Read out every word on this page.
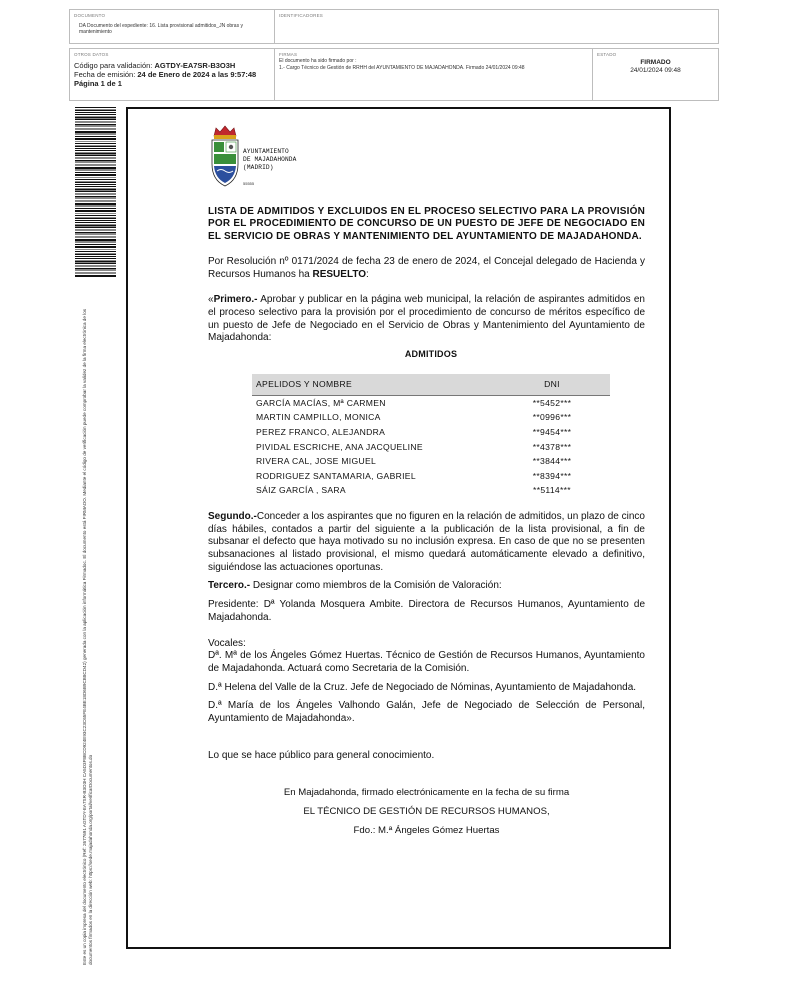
DOCUMENTO
DA Documento del expediente: 16. Lista provisional admitidos_JN obras y mantenimiento
IDENTIFICADORES
OTROS DATOS
Código para validación: AGTDY-EA7SR-B3O3H
Fecha de emisión: 24 de Enero de 2024 a las 9:57:48
Página 1 de 1
FIRMAS
El documento ha sido firmado por :
1.- Cargo Técnico de Gestión de RRHH del AYUNTAMIENTO DE MAJADAHONDA. Firmado 24/01/2024 09:48
ESTADO
FIRMADO
24/01/2024 09:48
Este es un copia impresa del documento electrónico (Ref: 2677691 AGTDY-EA7SR-B3O3H CA5D3F8BCD924E93C23C65FE4BE18D6B9CB8CD42) generada con la aplicación informática Firmadoc. El documento está FIRMADO. Mediante el código de verificación puede comprobar la validez de la firma electrónica de los documentos firmados en la dirección web: https://sede.majadahonda.org/portal/verificarDocumentos.do
AYUNTAMIENTO
DE MAJADAHONDA
(MADRID)
55555

LISTA DE ADMITIDOS Y EXCLUIDOS EN EL PROCESO SELECTIVO PARA LA PROVISIÓN POR EL PROCEDIMIENTO DE CONCURSO DE UN PUESTO DE JEFE DE NEGOCIADO EN EL SERVICIO DE OBRAS Y MANTENIMIENTO DEL AYUNTAMIENTO DE MAJADAHONDA.

Por Resolución nº 0171/2024 de fecha 23 de enero de 2024, el Concejal delegado de Hacienda y Recursos Humanos ha RESUELTO:

«Primero.- Aprobar y publicar en la página web municipal, la relación de aspirantes admitidos en el proceso selectivo para la provisión por el procedimiento de concurso de méritos específico de un puesto de Jefe de Negociado en el Servicio de Obras y Mantenimiento del Ayuntamiento de Majadahonda:

ADMITIDOS
APELIDOS Y NOMBRE	DNI
GARCÍA MACÍAS, Mª CARMEN	**5452***
MARTIN CAMPILLO, MONICA	**0996***
PEREZ FRANCO, ALEJANDRA	**9454***
PIVIDAL ESCRICHE, ANA JACQUELINE	**4378***
RIVERA CAL, JOSE MIGUEL	**3844***
RODRIGUEZ SANTAMARIA, GABRIEL	**8394***
SÁIZ GARCÍA , SARA	**5114***

Segundo.-Conceder a los aspirantes que no figuren en la relación de admitidos, un plazo de cinco días hábiles, contados a partir del siguiente a la publicación de la lista provisional, a fin de subsanar el defecto que haya motivado su no inclusión expresa. En caso de que no se presenten subsanaciones al listado provisional, el mismo quedará automáticamente elevado a definitivo, siguiéndose las actuaciones oportunas.

Tercero.- Designar como miembros de la Comisión de Valoración:

Presidente: Dª Yolanda Mosquera Ambite. Directora de Recursos Humanos, Ayuntamiento de Majadahonda.

Vocales:

Dª. Mª de los Ángeles Gómez Huertas. Técnico de Gestión de Recursos Humanos, Ayuntamiento de Majadahonda. Actuará como Secretaria de la Comisión.

D.ª Helena del Valle de la Cruz. Jefe de Negociado de Nóminas, Ayuntamiento de Majadahonda.

D.ª María de los Ángeles Valhondo Galán, Jefe de Negociado de Selección de Personal, Ayuntamiento de Majadahonda».

Lo que se hace público para general conocimiento.

En Majadahonda, firmado electrónicamente en la fecha de su firma
EL TÉCNICO DE GESTIÓN DE RECURSOS HUMANOS,
Fdo.: M.ª Ángeles Gómez Huertas
